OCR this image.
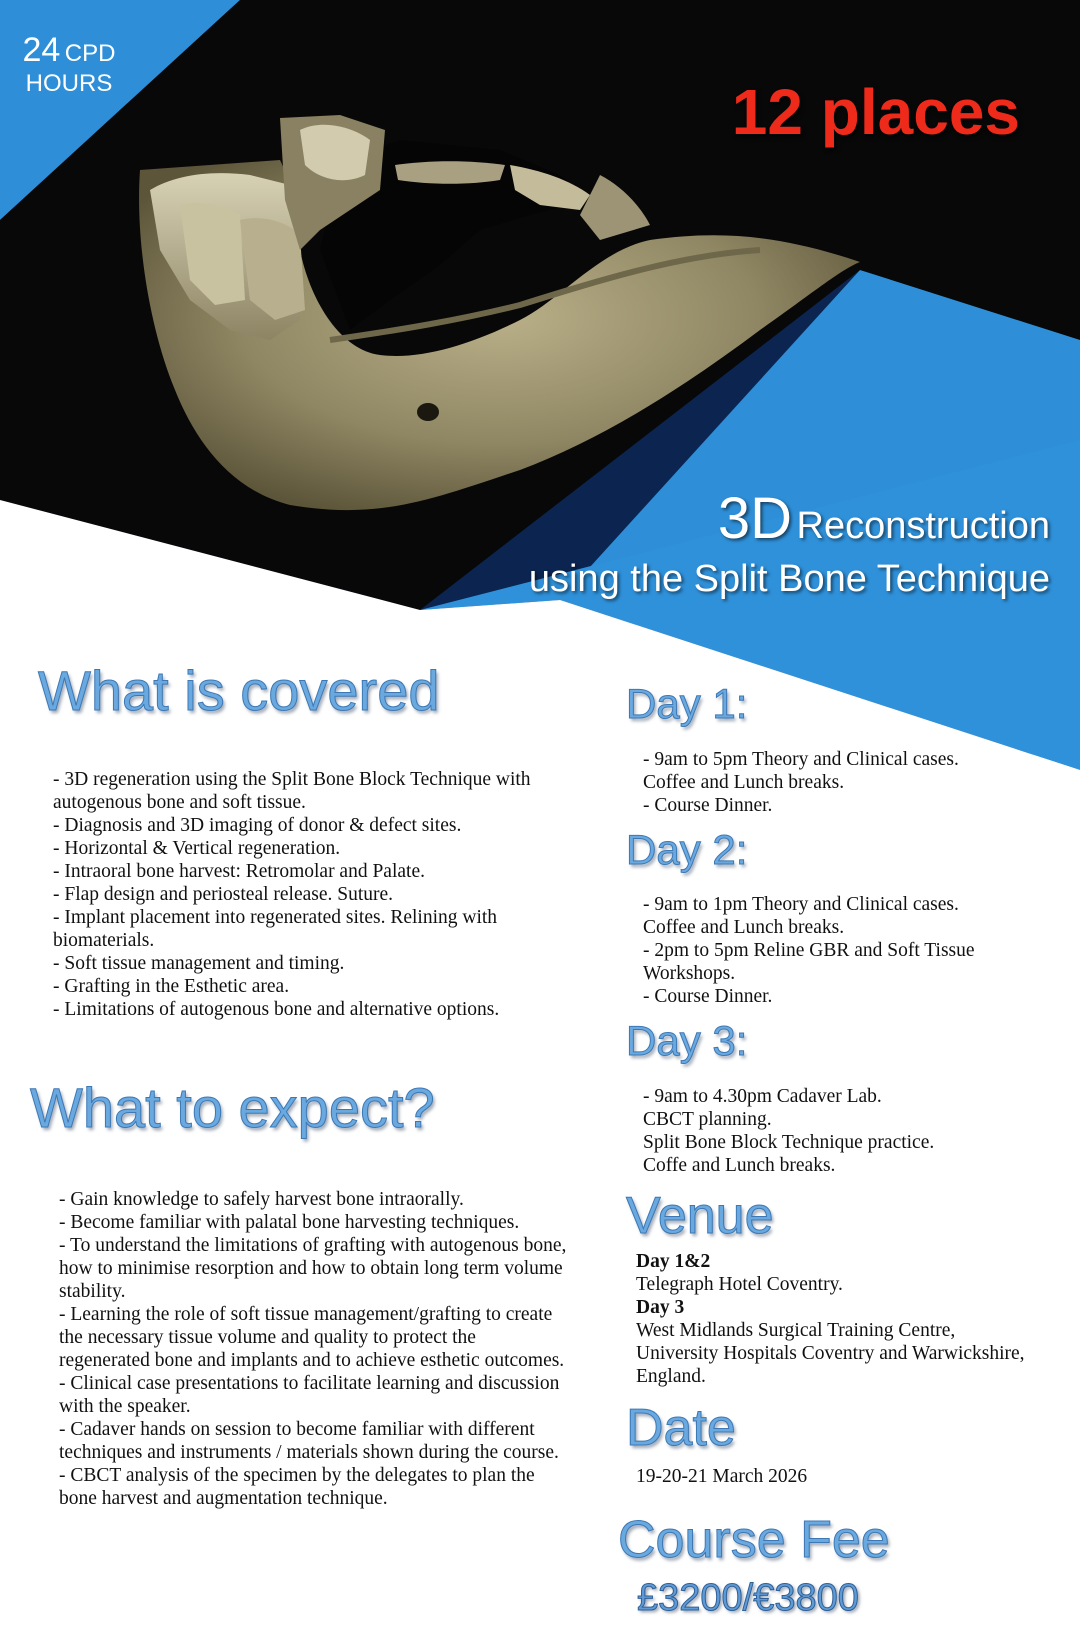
24 CPD
HOURS	12 places
3D Reconstruction
using the Split Bone Technique
What is covered

- 3D regeneration using the Split Bone Block Technique with autogenous bone and soft tissue.

- Diagnosis and 3D imaging of donor & defect sites.

- Horizontal & Vertical regeneration.

- Intraoral bone harvest: Retromolar and Palate.

- Flap design and periosteal release. Suture.

- Implant placement into regenerated sites. Relining with biomaterials.

- Soft tissue management and timing.

- Grafting in the Esthetic area.

- Limitations of autogenous bone and alternative options.

What to expect?

- Gain knowledge to safely harvest bone intraorally.

- Become familiar with palatal bone harvesting techniques.

- To understand the limitations of grafting with autogenous bone, how to minimise resorption and how to obtain long term volume stability.

- Learning the role of soft tissue management/grafting to create the necessary tissue volume and quality to protect the regenerated bone and implants and to achieve esthetic outcomes.

- Clinical case presentations to facilitate learning and discussion with the speaker.

- Cadaver hands on session to become familiar with different techniques and instruments / materials shown during the course.

- CBCT analysis of the specimen by the delegates to plan the bone harvest and augmentation technique.

Day 1:

- 9am to 5pm Theory and Clinical cases.

Coffee and Lunch breaks.

- Course Dinner.

Day 2:

- 9am to 1pm Theory and Clinical cases.

Coffee and Lunch breaks.

- 2pm to 5pm Reline GBR and Soft Tissue Workshops.

- Course Dinner.

Day 3:

- 9am to 4.30pm Cadaver Lab.

CBCT planning.

Split Bone Block Technique practice.

Coffe and Lunch breaks.

Venue

Day 1&2

Telegraph Hotel Coventry.

Day 3

West Midlands Surgical Training Centre, University Hospitals Coventry and Warwickshire, England.

Date
19-20-21 March 2026
Course Fee
£3200/€3800
